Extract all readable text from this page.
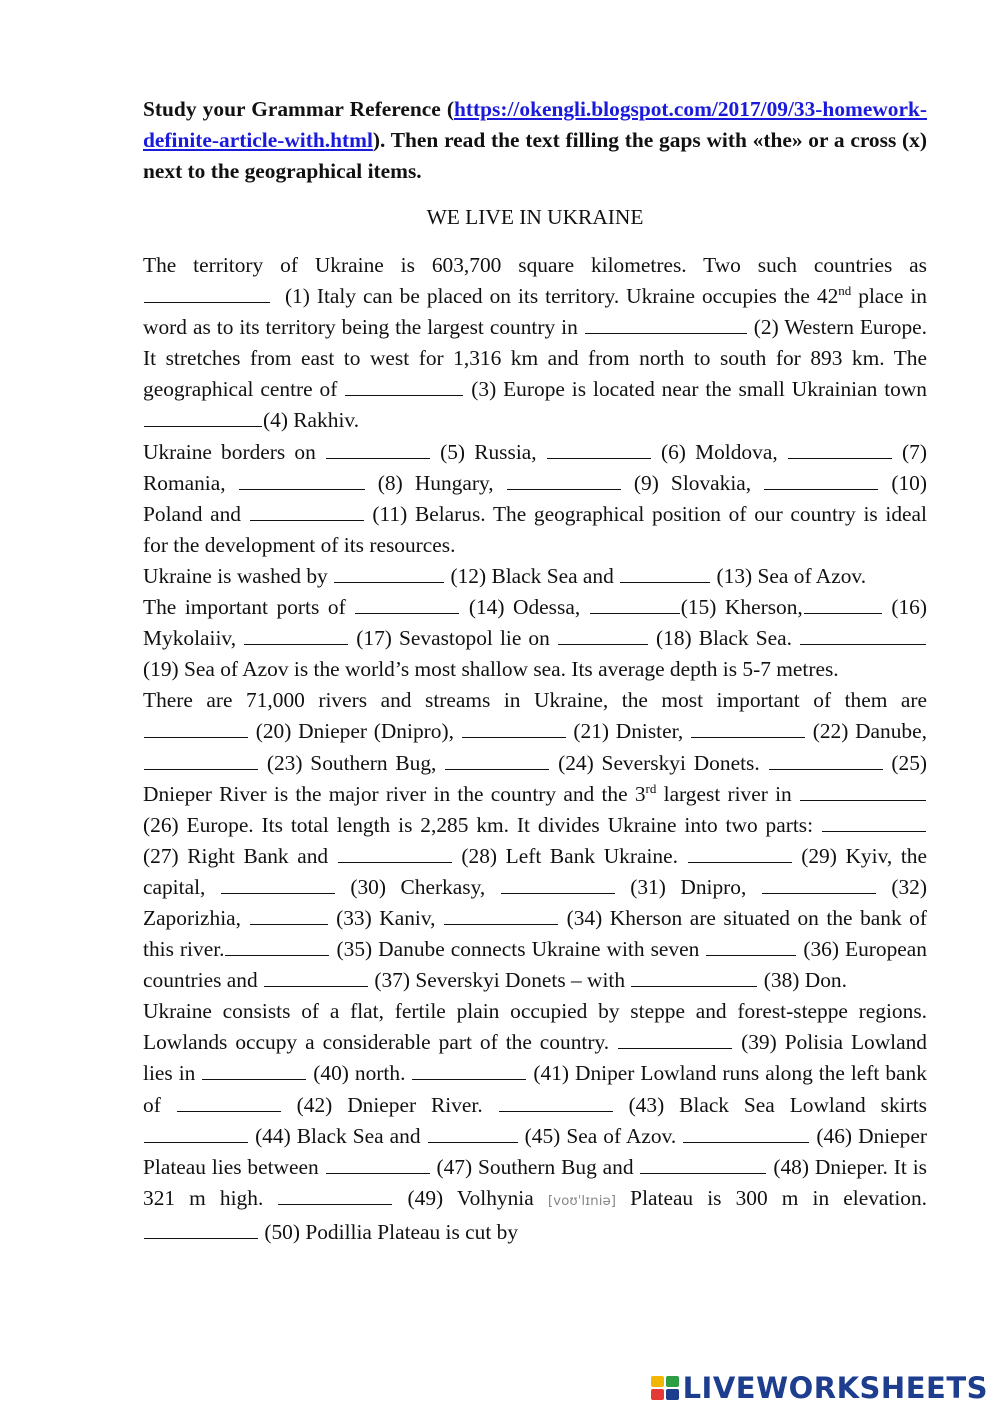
Study your Grammar Reference (https://okengli.blogspot.com/2017/09/33-homework-definite-article-with.html). Then read the text filling the gaps with «the» or a cross (x) next to the geographical items.

WE LIVE IN UKRAINE

The territory of Ukraine is 603,700 square kilometres. Two such countries as   (1) Italy can be placed on its territory. Ukraine occupies the 42nd place in word as to its territory being the largest country in	(2) Western Europe. It stretches from east to west for 1,316 km and from north to south for 893 km. The geographical centre of	(3) Europe is located near the small Ukrainian town (4) Rakhiv.

Ukraine borders on	(5) Russia,	(6) Moldova,	(7) Romania,	(8) Hungary,	(9) Slovakia,	(10) Poland and	(11) Belarus. The geographical position of our country is ideal for the development of its resources.

Ukraine is washed by	(12) Black Sea and	(13) Sea of Azov.

The important ports of	(14) Odessa,	(15) Kherson,	(16) Mykolaiiv,	(17) Sevastopol lie on	(18) Black Sea.  (19) Sea of Azov is the world’s most shallow sea. Its average depth is 5-7 metres.

There are 71,000 rivers and streams in Ukraine, the most important of them are  (20) Dnieper (Dnipro),	(21) Dnister,	(22) Danube,  (23) Southern Bug,	(24) Severskyi Donets.	(25) Dnieper River is the major river in the country and the 3rd largest river in  (26) Europe. Its total length is 2,285 km. It divides Ukraine into two parts:  (27) Right Bank and	(28) Left Bank Ukraine.	(29) Kyiv, the capital,	(30) Cherkasy,	(31) Dnipro,	(32) Zaporizhia,	(33) Kaniv,	(34) Kherson are situated on the bank of this river.	(35) Danube connects Ukraine with seven	(36) European countries and	(37) Severskyi Donets – with	(38) Don.

Ukraine consists of a flat, fertile plain occupied by steppe and forest-steppe regions. Lowlands occupy a considerable part of the country.	(39) Polisia Lowland lies in	(40) north.	(41) Dniper Lowland runs along the left bank of	(42) Dnieper River.	(43) Black Sea Lowland skirts (44) Black Sea and	(45) Sea of Azov.	(46) Dnieper Plateau lies between	(47) Southern Bug and	(48) Dnieper. It is 321 m high.	(49) Volhynia [voʊˈlɪniə] Plateau is 300 m in elevation.  (50) Podillia Plateau is cut by

LIVEWORKSHEETS
